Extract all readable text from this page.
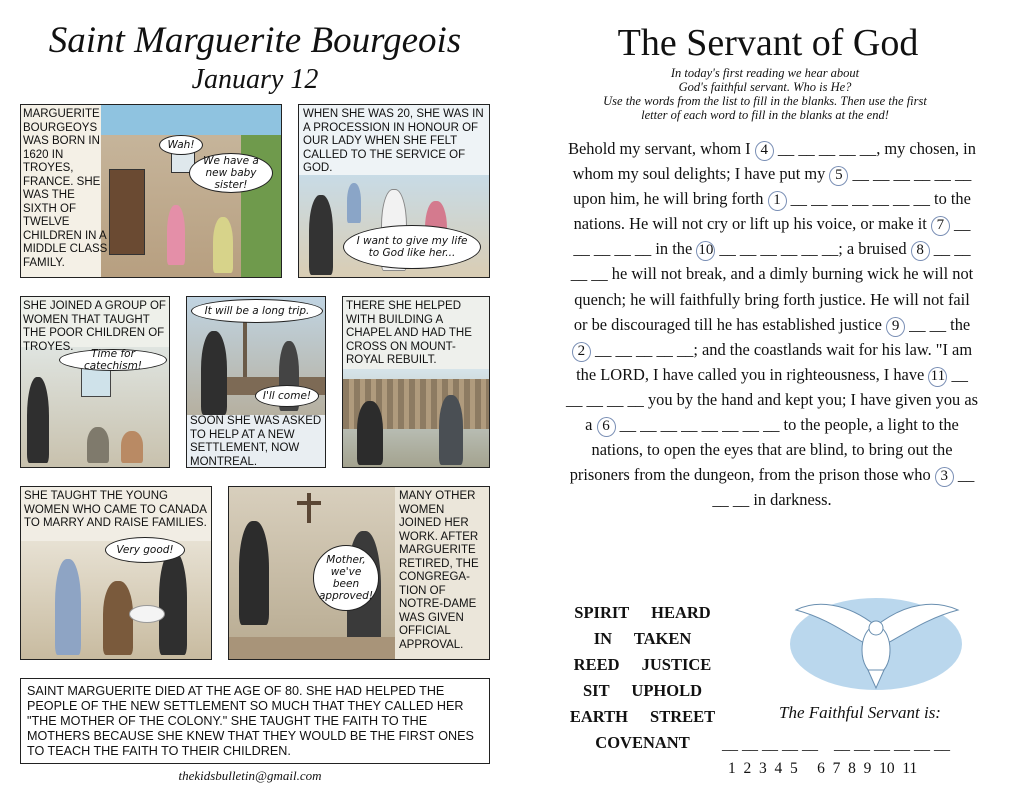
Saint Marguerite Bourgeois
January 12
MARGUERITE BOURGEOYS WAS BORN IN 1620 IN TROYES, FRANCE. SHE WAS THE SIXTH OF TWELVE CHILDREN IN A MIDDLE CLASS FAMILY.
Wah!
We have a new baby sister!
WHEN SHE WAS 20, SHE WAS IN A PROCESSION IN HONOUR OF OUR LADY WHEN SHE FELT CALLED TO THE SERVICE OF GOD.
I want to give my life to God like her...
SHE JOINED A GROUP OF WOMEN THAT TAUGHT THE POOR CHILDREN OF TROYES.
Time for catechism!
It will be a long trip.
I'll come!
SOON SHE WAS ASKED TO HELP AT A NEW SETTLEMENT, NOW MONTREAL.
THERE SHE HELPED WITH BUILDING A CHAPEL AND HAD THE CROSS ON MOUNT-ROYAL REBUILT.
SHE TAUGHT THE YOUNG WOMEN WHO CAME TO CANADA TO MARRY AND RAISE FAMILIES.
Very good!
Mother, we've been approved!
MANY OTHER WOMEN JOINED HER WORK. AFTER MARGUERITE RETIRED, THE CONGREGA-TION OF NOTRE-DAME WAS GIVEN OFFICIAL APPROVAL.
SAINT MARGUERITE DIED AT THE AGE OF 80. SHE HAD HELPED THE PEOPLE OF THE NEW SETTLEMENT SO MUCH THAT THEY CALLED HER "THE MOTHER OF THE COLONY." SHE TAUGHT THE FAITH TO THE MOTHERS BECAUSE SHE KNEW THAT THEY WOULD BE THE FIRST ONES TO TEACH THE FAITH TO THEIR CHILDREN.
thekidsbulletin@gmail.com
The Servant of God
In today's first reading we hear about
God's faithful servant. Who is He?
Use the words from the list to fill in the blanks. Then use the first
letter of each word to fill in the blanks at the end!
Behold my servant, whom I 4 __ __ __ __ __, my chosen, in whom my soul delights; I have put my 5 __ __ __ __ __ __ upon him, he will bring forth 1 __ __ __ __ __ __ __ to the nations. He will not cry or lift up his voice, or make it 7 __ __ __ __ __ in the 10 __ __ __ __ __ __; a bruised 8 __ __ __ __ he will not break, and a dimly burning wick he will not quench; he will faithfully bring forth justice. He will not fail or be discouraged till he has established justice 9 __ __ the 2 __ __ __ __ __; and the coastlands wait for his law. "I am the LORD, I have called you in righteousness, I have 11 __ __ __ __ __ you by the hand and kept you; I have given you as a 6 __ __ __ __ __ __ __ __ to the people, a light to the nations, to open the eyes that are blind, to bring out the prisoners from the dungeon, from the prison those who 3 __ __ __ in darkness.
SPIRIT HEARD
IN TAKEN
REED JUSTICE
SIT UPHOLD
EARTH STREET
COVENANT
The Faithful Servant is:
__ __ __ __ __    __ __ __ __ __ __
1  2  3  4  5     6  7  8  9  10  11
